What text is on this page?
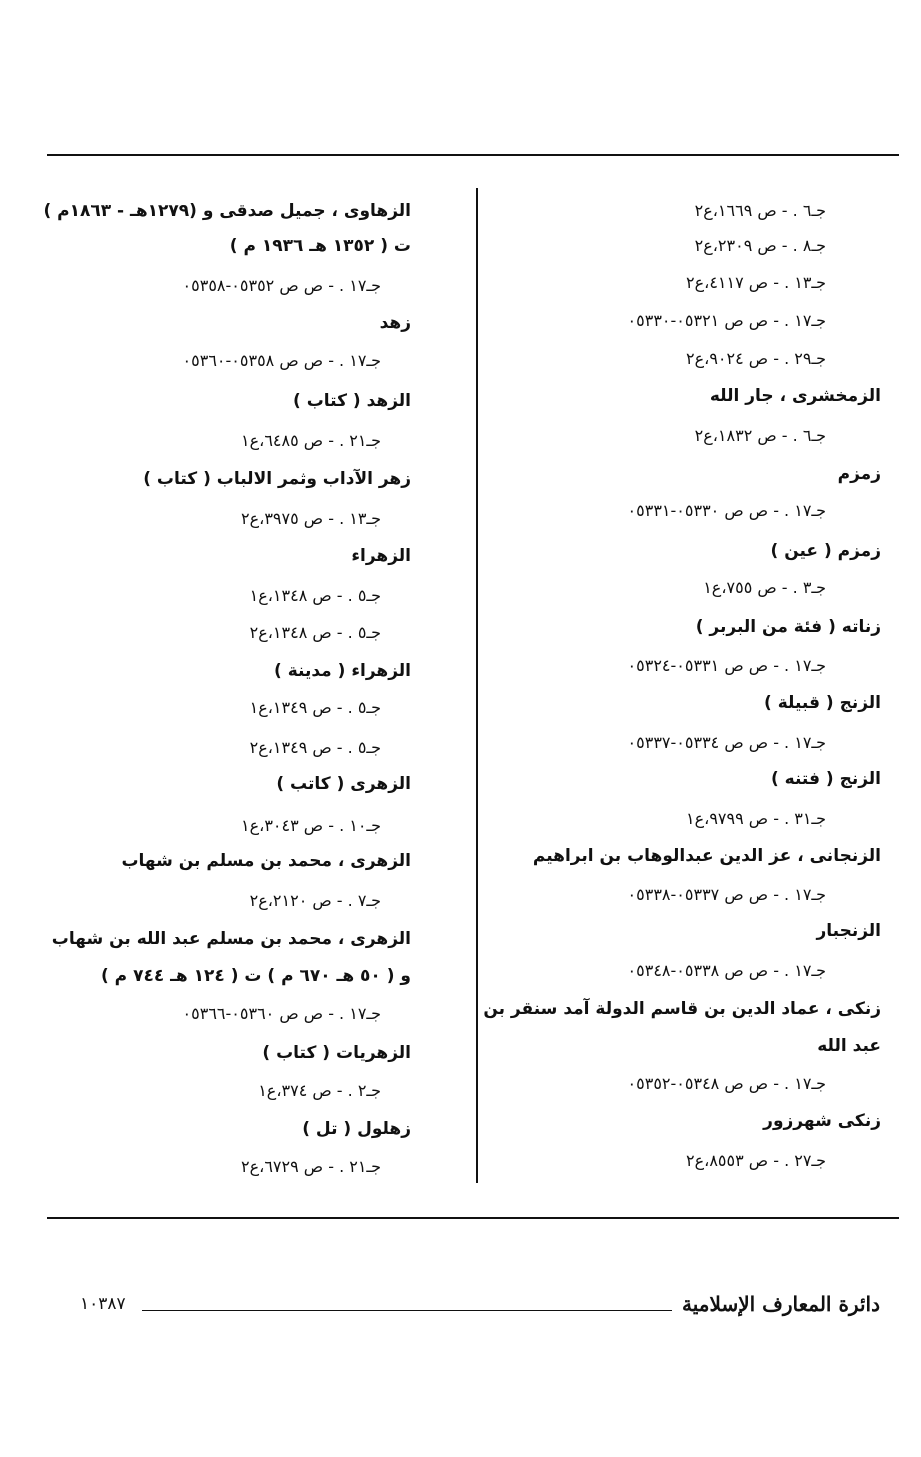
جـ٦ . - ص ١٦٦٩،ع٢
جـ٨ . - ص ٢٣٠٩،ع٢
جـ١٣ . - ص ٤١١٧،ع٢
جـ١٧ . - ص ص ٠٥٣٢١-٠٥٣٣٠
جـ٢٩ . - ص ٩٠٢٤،ع٢
الزمخشرى ، جار الله
جـ٦ . - ص ١٨٣٢،ع٢
زمزم
جـ١٧ . - ص ص ٠٥٣٣٠-٠٥٣٣١
زمزم ( عين )
جـ٣ . - ص ٧٥٥،ع١
زناته ( فئة من البربر )
جـ١٧ . - ص ص ٠٥٣٣١-٠٥٣٢٤
الزنج ( قبيلة )
جـ١٧ . - ص ص ٠٥٣٣٤-٠٥٣٣٧
الزنج ( فتنه )
جـ٣١ . - ص ٩٧٩٩،ع١
الزنجانى ، عز الدين عبدالوهاب بن ابراهيم
جـ١٧ . - ص ص ٠٥٣٣٧-٠٥٣٣٨
الزنجبار
جـ١٧ . - ص ص ٠٥٣٣٨-٠٥٣٤٨
زنكى ، عماد الدين بن قاسم الدولة آمد سنقر بن
عبد الله
جـ١٧ . - ص ص ٠٥٣٤٨-٠٥٣٥٢
زنكى شهرزور
جـ٢٧ . - ص ٨٥٥٣،ع٢
الزهاوى ، جميل صدقى و (١٢٧٩هـ - ١٨٦٣م )
ت ( ١٣٥٢ هـ ١٩٣٦ م )
جـ١٧ . - ص ص ٠٥٣٥٢-٠٥٣٥٨
زهد
جـ١٧ . - ص ص ٠٥٣٥٨-٠٥٣٦٠
الزهد ( كتاب )
جـ٢١ . - ص ٦٤٨٥،ع١
زهر الآداب وثمر الالباب ( كتاب )
جـ١٣ . - ص ٣٩٧٥،ع٢
الزهراء
جـ٥ . - ص ١٣٤٨،ع١
جـ٥ . - ص ١٣٤٨،ع٢
الزهراء ( مدينة )
جـ٥ . - ص ١٣٤٩،ع١
جـ٥ . - ص ١٣٤٩،ع٢
الزهرى ( كاتب )
جـ١٠ . - ص ٣٠٤٣،ع١
الزهرى ، محمد بن مسلم بن شهاب
جـ٧ . - ص ٢١٢٠،ع٢
الزهرى ، محمد بن مسلم عبد الله بن شهاب
و ( ٥٠ هـ ٦٧٠ م ) ت ( ١٢٤ هـ ٧٤٤ م )
جـ١٧ . - ص ص ٠٥٣٦٠-٠٥٣٦٦
الزهريات ( كتاب )
جـ٢ . - ص ٣٧٤،ع١
زهلول ( تل )
جـ٢١ . - ص ٦٧٢٩،ع٢
دائرة المعارف الإسلامية
١٠٣٨٧
